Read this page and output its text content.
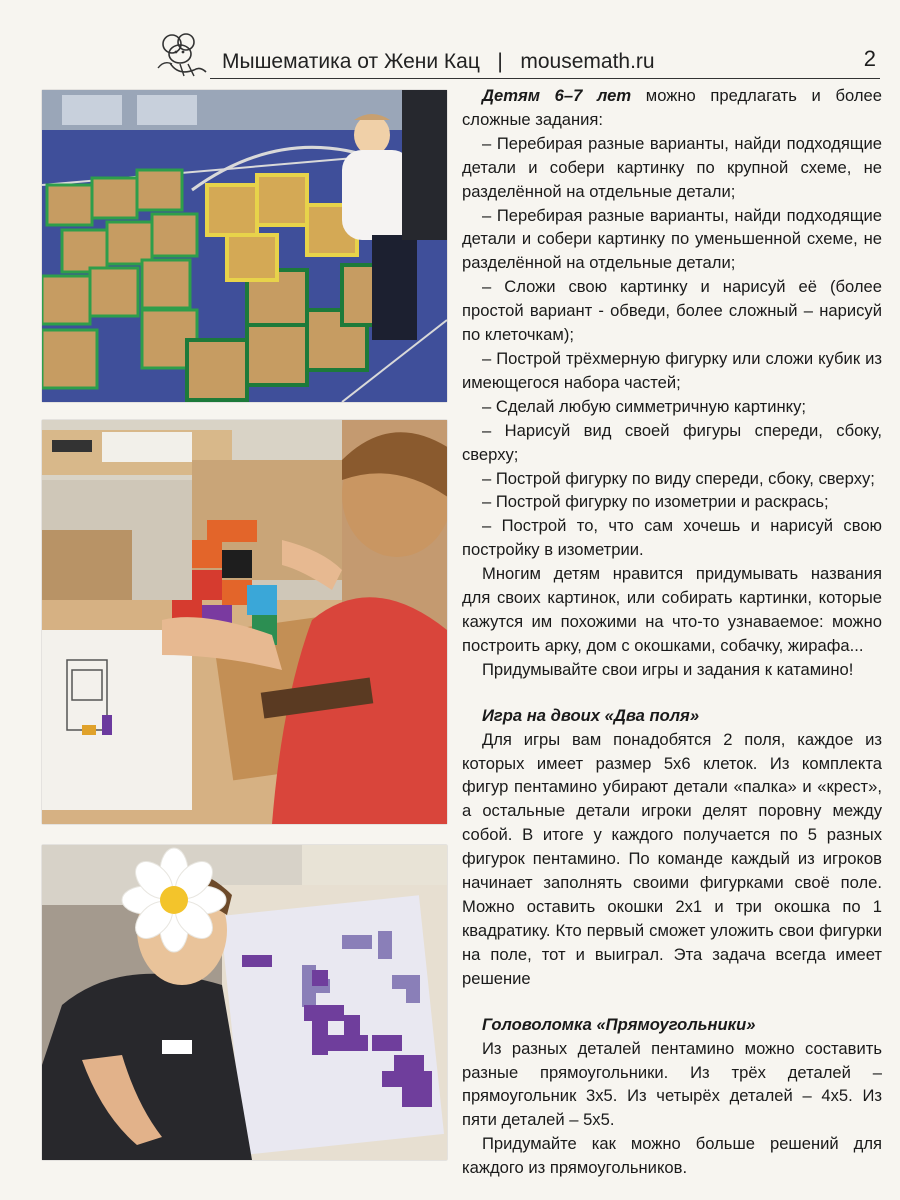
Мышематика от Жени Кац | mousemath.ru	2

Детям 6–7 лет можно предлагать и более сложные задания:

– Перебирая разные варианты, найди подходящие детали и собери картинку по крупной схеме, не разделённой на отдельные детали;

– Перебирая разные варианты, найди подходящие детали и собери картинку по уменьшенной схеме, не разделённой на отдельные детали;

– Сложи свою картинку и нарисуй её (более простой вариант - обведи, более сложный – нарисуй по клеточкам);

– Построй трёхмерную фигурку или сложи кубик из имеющегося набора частей;

– Сделай любую симметричную картинку;

– Нарисуй вид своей фигуры спереди, сбоку, сверху;

– Построй фигурку по виду спереди, сбоку, сверху;

– Построй фигурку по изометрии и раскрась;

– Построй то, что сам хочешь и нарисуй свою постройку в изометрии.

Многим детям нравится придумывать названия для своих картинок, или собирать картинки, которые кажутся им похожими на что-то узнаваемое: можно построить арку, дом с окошками, собачку, жирафа...

Придумывайте свои игры и задания к катамино!

Игра на двоих «Два поля»

Для игры вам понадобятся 2 поля, каждое из которых имеет размер 5х6 клеток. Из комплекта фигур пентамино убирают детали «палка» и «крест», а остальные детали игроки делят поровну между собой. В итоге у каждого получается по 5 разных фигурок пентамино. По команде каждый из игроков начинает заполнять своими фигурками своё поле. Можно оставить окошки 2х1 и три окошка по 1 квадратику. Кто первый сможет уложить свои фигурки на поле, тот и выиграл. Эта задача всегда имеет решение

Головоломка «Прямоугольники»

Из разных деталей пентамино можно составить разные прямоугольники. Из трёх деталей – прямоугольник 3х5. Из четырёх деталей – 4х5. Из пяти деталей – 5х5.

Придумайте как можно больше решений для каждого из прямоугольников.
